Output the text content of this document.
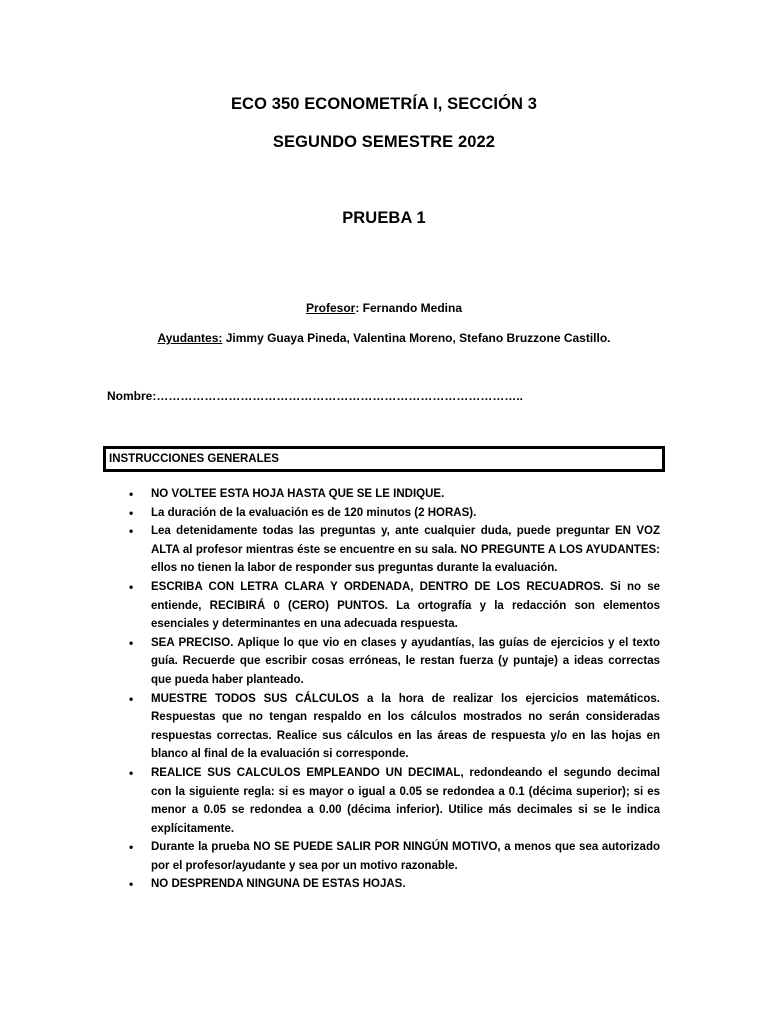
ECO 350 ECONOMETRÍA I, SECCIÓN 3
SEGUNDO SEMESTRE 2022
PRUEBA 1
Profesor: Fernando Medina
Ayudantes: Jimmy Guaya Pineda, Valentina Moreno, Stefano Bruzzone Castillo.
Nombre:………………………………………………………………………………..
INSTRUCCIONES GENERALES
• NO VOLTEE ESTA HOJA HASTA QUE SE LE INDIQUE.
• La duración de la evaluación es de 120 minutos (2 HORAS).
• Lea detenidamente todas las preguntas y, ante cualquier duda, puede preguntar EN VOZ ALTA al profesor mientras éste se encuentre en su sala. NO PREGUNTE A LOS AYUDANTES: ellos no tienen la labor de responder sus preguntas durante la evaluación.
• ESCRIBA CON LETRA CLARA Y ORDENADA, DENTRO DE LOS RECUADROS. Si no se entiende, RECIBIRÁ 0 (CERO) PUNTOS. La ortografía y la redacción son elementos esenciales y determinantes en una adecuada respuesta.
• SEA PRECISO. Aplique lo que vio en clases y ayudantías, las guías de ejercicios y el texto guía. Recuerde que escribir cosas erróneas, le restan fuerza (y puntaje) a ideas correctas que pueda haber planteado.
• MUESTRE TODOS SUS CÁLCULOS a la hora de realizar los ejercicios matemáticos. Respuestas que no tengan respaldo en los cálculos mostrados no serán consideradas respuestas correctas. Realice sus cálculos en las áreas de respuesta y/o en las hojas en blanco al final de la evaluación si corresponde.
• REALICE SUS CALCULOS EMPLEANDO UN DECIMAL, redondeando el segundo decimal con la siguiente regla: si es mayor o igual a 0.05 se redondea a 0.1 (décima superior); si es menor a 0.05 se redondea a 0.00 (décima inferior). Utilice más decimales si se le indica explícitamente.
• Durante la prueba NO SE PUEDE SALIR POR NINGÚN MOTIVO, a menos que sea autorizado por el profesor/ayudante y sea por un motivo razonable.
• NO DESPRENDA NINGUNA DE ESTAS HOJAS.
